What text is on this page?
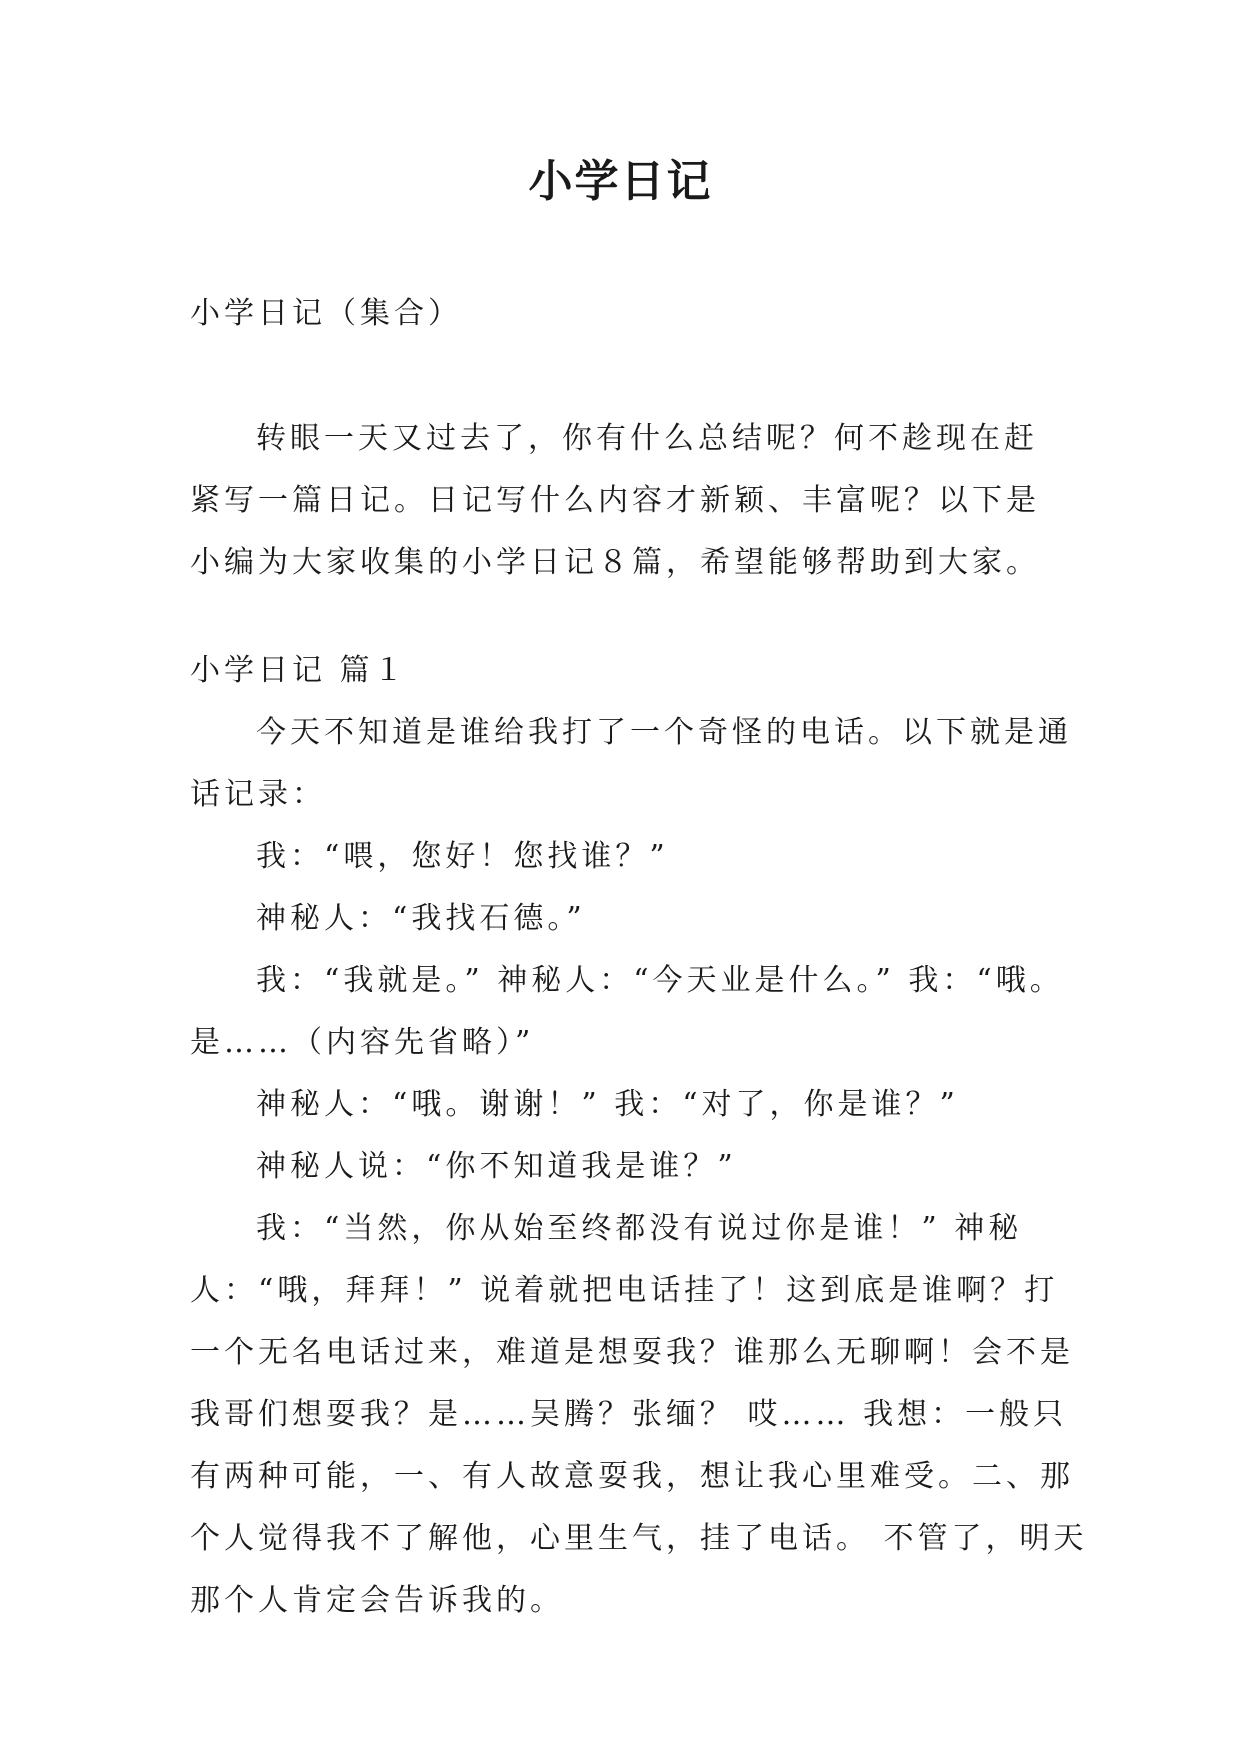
小学日记
小学日记（集合）

转眼一天又过去了，你有什么总结呢？何不趁现在赶紧写一篇日记。日记写什么内容才新颖、丰富呢？以下是小编为大家收集的小学日记８篇，希望能够帮助到大家。

小学日记 篇１

今天不知道是谁给我打了一个奇怪的电话。以下就是通话记录：

我：“喂，您好！您找谁？”

神秘人：“我找石德。”

我：“我就是。” 神秘人：“今天业是什么。” 我：“哦。是……（内容先省略）”

神秘人：“哦。谢谢！” 我：“对了，你是谁？”

神秘人说：“你不知道我是谁？”

我：“当然，你从始至终都没有说过你是谁！” 神秘人：“哦，拜拜！” 说着就把电话挂了！这到底是谁啊？打一个无名电话过来，难道是想耍我？谁那么无聊啊！会不是我哥们想耍我？是……吴腾？张缅？ 哎…… 我想：一般只有两种可能，一、有人故意耍我，想让我心里难受。二、那个人觉得我不了解他，心里生气，挂了电话。 不管了，明天那个人肯定会告诉我的。
